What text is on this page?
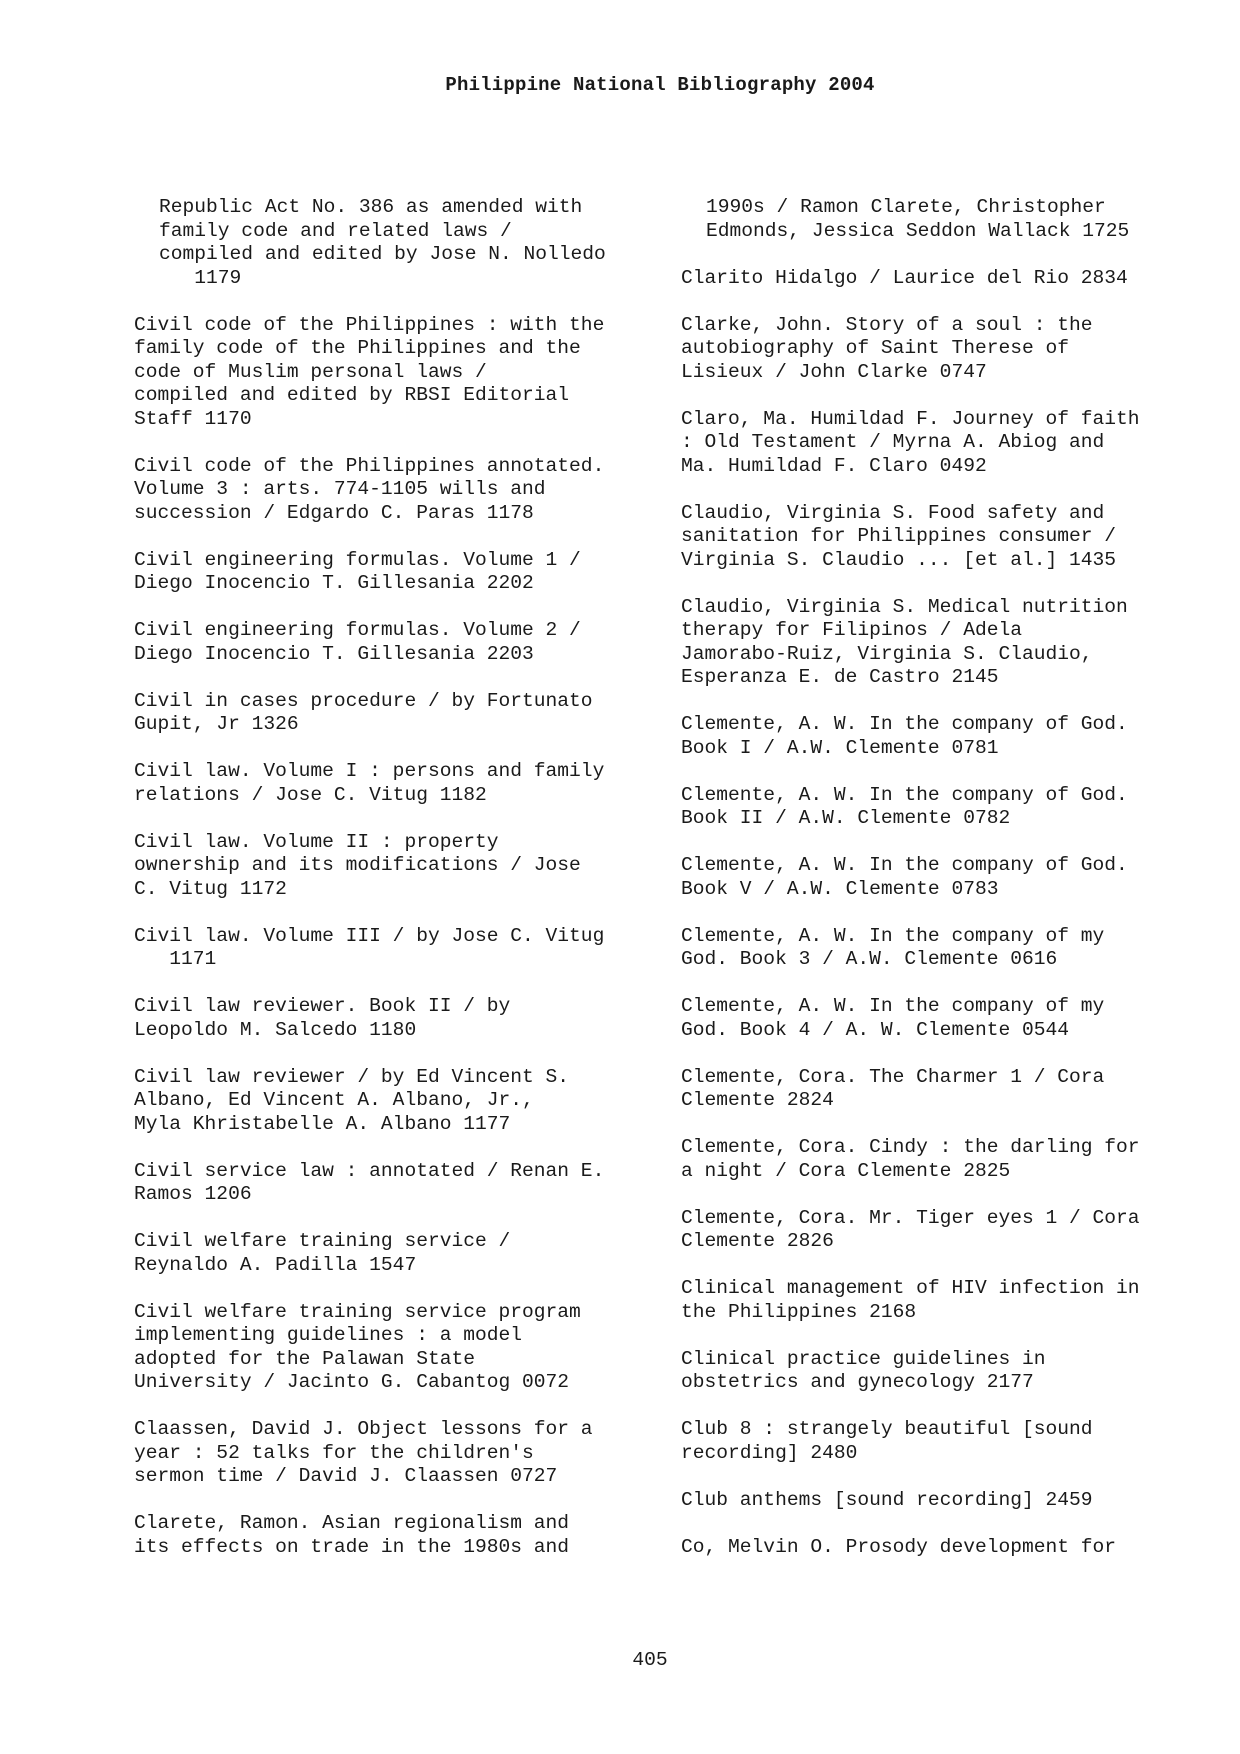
Philippine National Bibliography 2004
Republic Act No. 386 as amended with
family code and related laws /
compiled and edited by Jose N. Nolledo
1179
Civil code of the Philippines : with the
family code of the Philippines and the
code of Muslim personal laws /
compiled and edited by RBSI Editorial
Staff 1170
Civil code of the Philippines annotated.
Volume 3 : arts. 774-1105 wills and
succession / Edgardo C. Paras 1178
Civil engineering formulas. Volume 1 /
Diego Inocencio T. Gillesania 2202
Civil engineering formulas. Volume 2 /
Diego Inocencio T. Gillesania 2203
Civil in cases procedure / by Fortunato
Gupit, Jr 1326
Civil law. Volume I : persons and family
relations / Jose C. Vitug 1182
Civil law. Volume II : property
ownership and its modifications / Jose
C. Vitug 1172
Civil law. Volume III / by Jose C. Vitug
1171
Civil law reviewer. Book II / by
Leopoldo M. Salcedo 1180
Civil law reviewer / by Ed Vincent S.
Albano, Ed Vincent A. Albano, Jr.,
Myla Khristabelle A. Albano 1177
Civil service law : annotated / Renan E.
Ramos 1206
Civil welfare training service /
Reynaldo A. Padilla 1547
Civil welfare training service program
implementing guidelines : a model
adopted for the Palawan State
University / Jacinto G. Cabantog 0072
Claassen, David J. Object lessons for a
year : 52 talks for the children's
sermon time / David J. Claassen 0727
Clarete, Ramon. Asian regionalism and
its effects on trade in the 1980s and
1990s / Ramon Clarete, Christopher
Edmonds, Jessica Seddon Wallack 1725
Clarito Hidalgo / Laurice del Rio 2834
Clarke, John. Story of a soul : the
autobiography of Saint Therese of
Lisieux / John Clarke 0747
Claro, Ma. Humildad F. Journey of faith
: Old Testament / Myrna A. Abiog and
Ma. Humildad F. Claro 0492
Claudio, Virginia S. Food safety and
sanitation for Philippines consumer /
Virginia S. Claudio ... [et al.] 1435
Claudio, Virginia S. Medical nutrition
therapy for Filipinos / Adela
Jamorabo-Ruiz, Virginia S. Claudio,
Esperanza E. de Castro 2145
Clemente, A. W. In the company of God.
Book I / A.W. Clemente 0781
Clemente, A. W. In the company of God.
Book II / A.W. Clemente 0782
Clemente, A. W. In the company of God.
Book V / A.W. Clemente 0783
Clemente, A. W. In the company of my
God. Book 3 / A.W. Clemente 0616
Clemente, A. W. In the company of my
God. Book 4 / A. W. Clemente 0544
Clemente, Cora. The Charmer 1 / Cora
Clemente 2824
Clemente, Cora. Cindy : the darling for
a night / Cora Clemente 2825
Clemente, Cora. Mr. Tiger eyes 1 / Cora
Clemente 2826
Clinical management of HIV infection in
the Philippines 2168
Clinical practice guidelines in
obstetrics and gynecology 2177
Club 8 : strangely beautiful [sound
recording] 2480
Club anthems [sound recording] 2459
Co, Melvin O. Prosody development for
405
